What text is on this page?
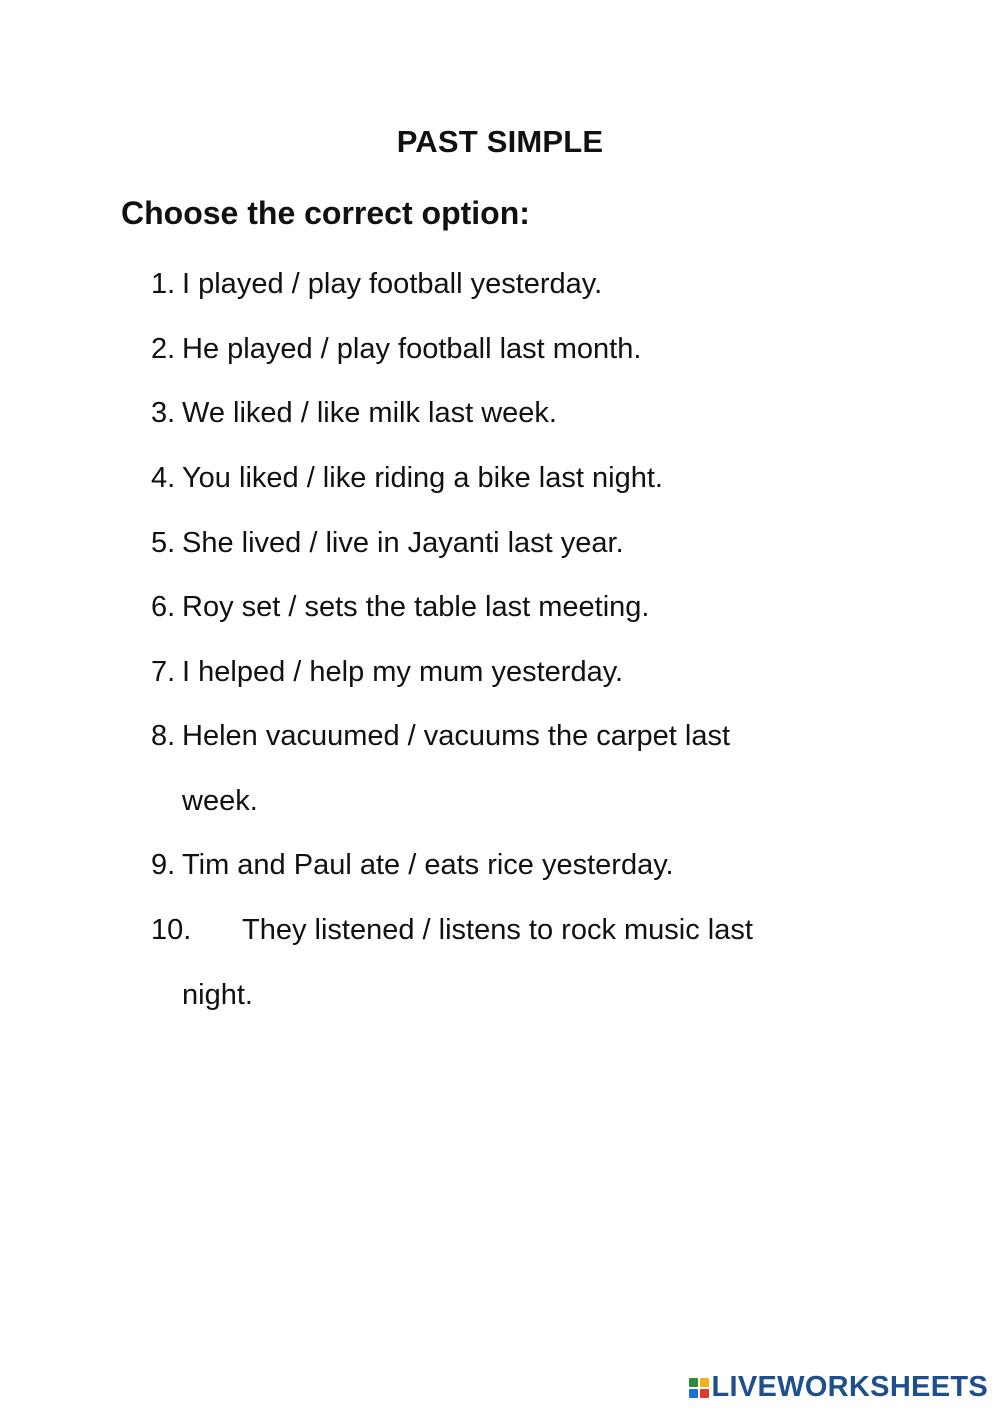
PAST SIMPLE
Choose the correct option:
1. I played / play football yesterday.
2. He played / play football last month.
3. We liked / like milk last week.
4. You liked / like riding a bike last night.
5. She lived / live in Jayanti last year.
6. Roy set / sets the table last meeting.
7. I helped / help my mum yesterday.
8. Helen vacuumed / vacuums the carpet last
week.
9. Tim and Paul ate / eats rice yesterday.
10. They listened / listens to rock music last
night.
LIVEWORKSHEETS
